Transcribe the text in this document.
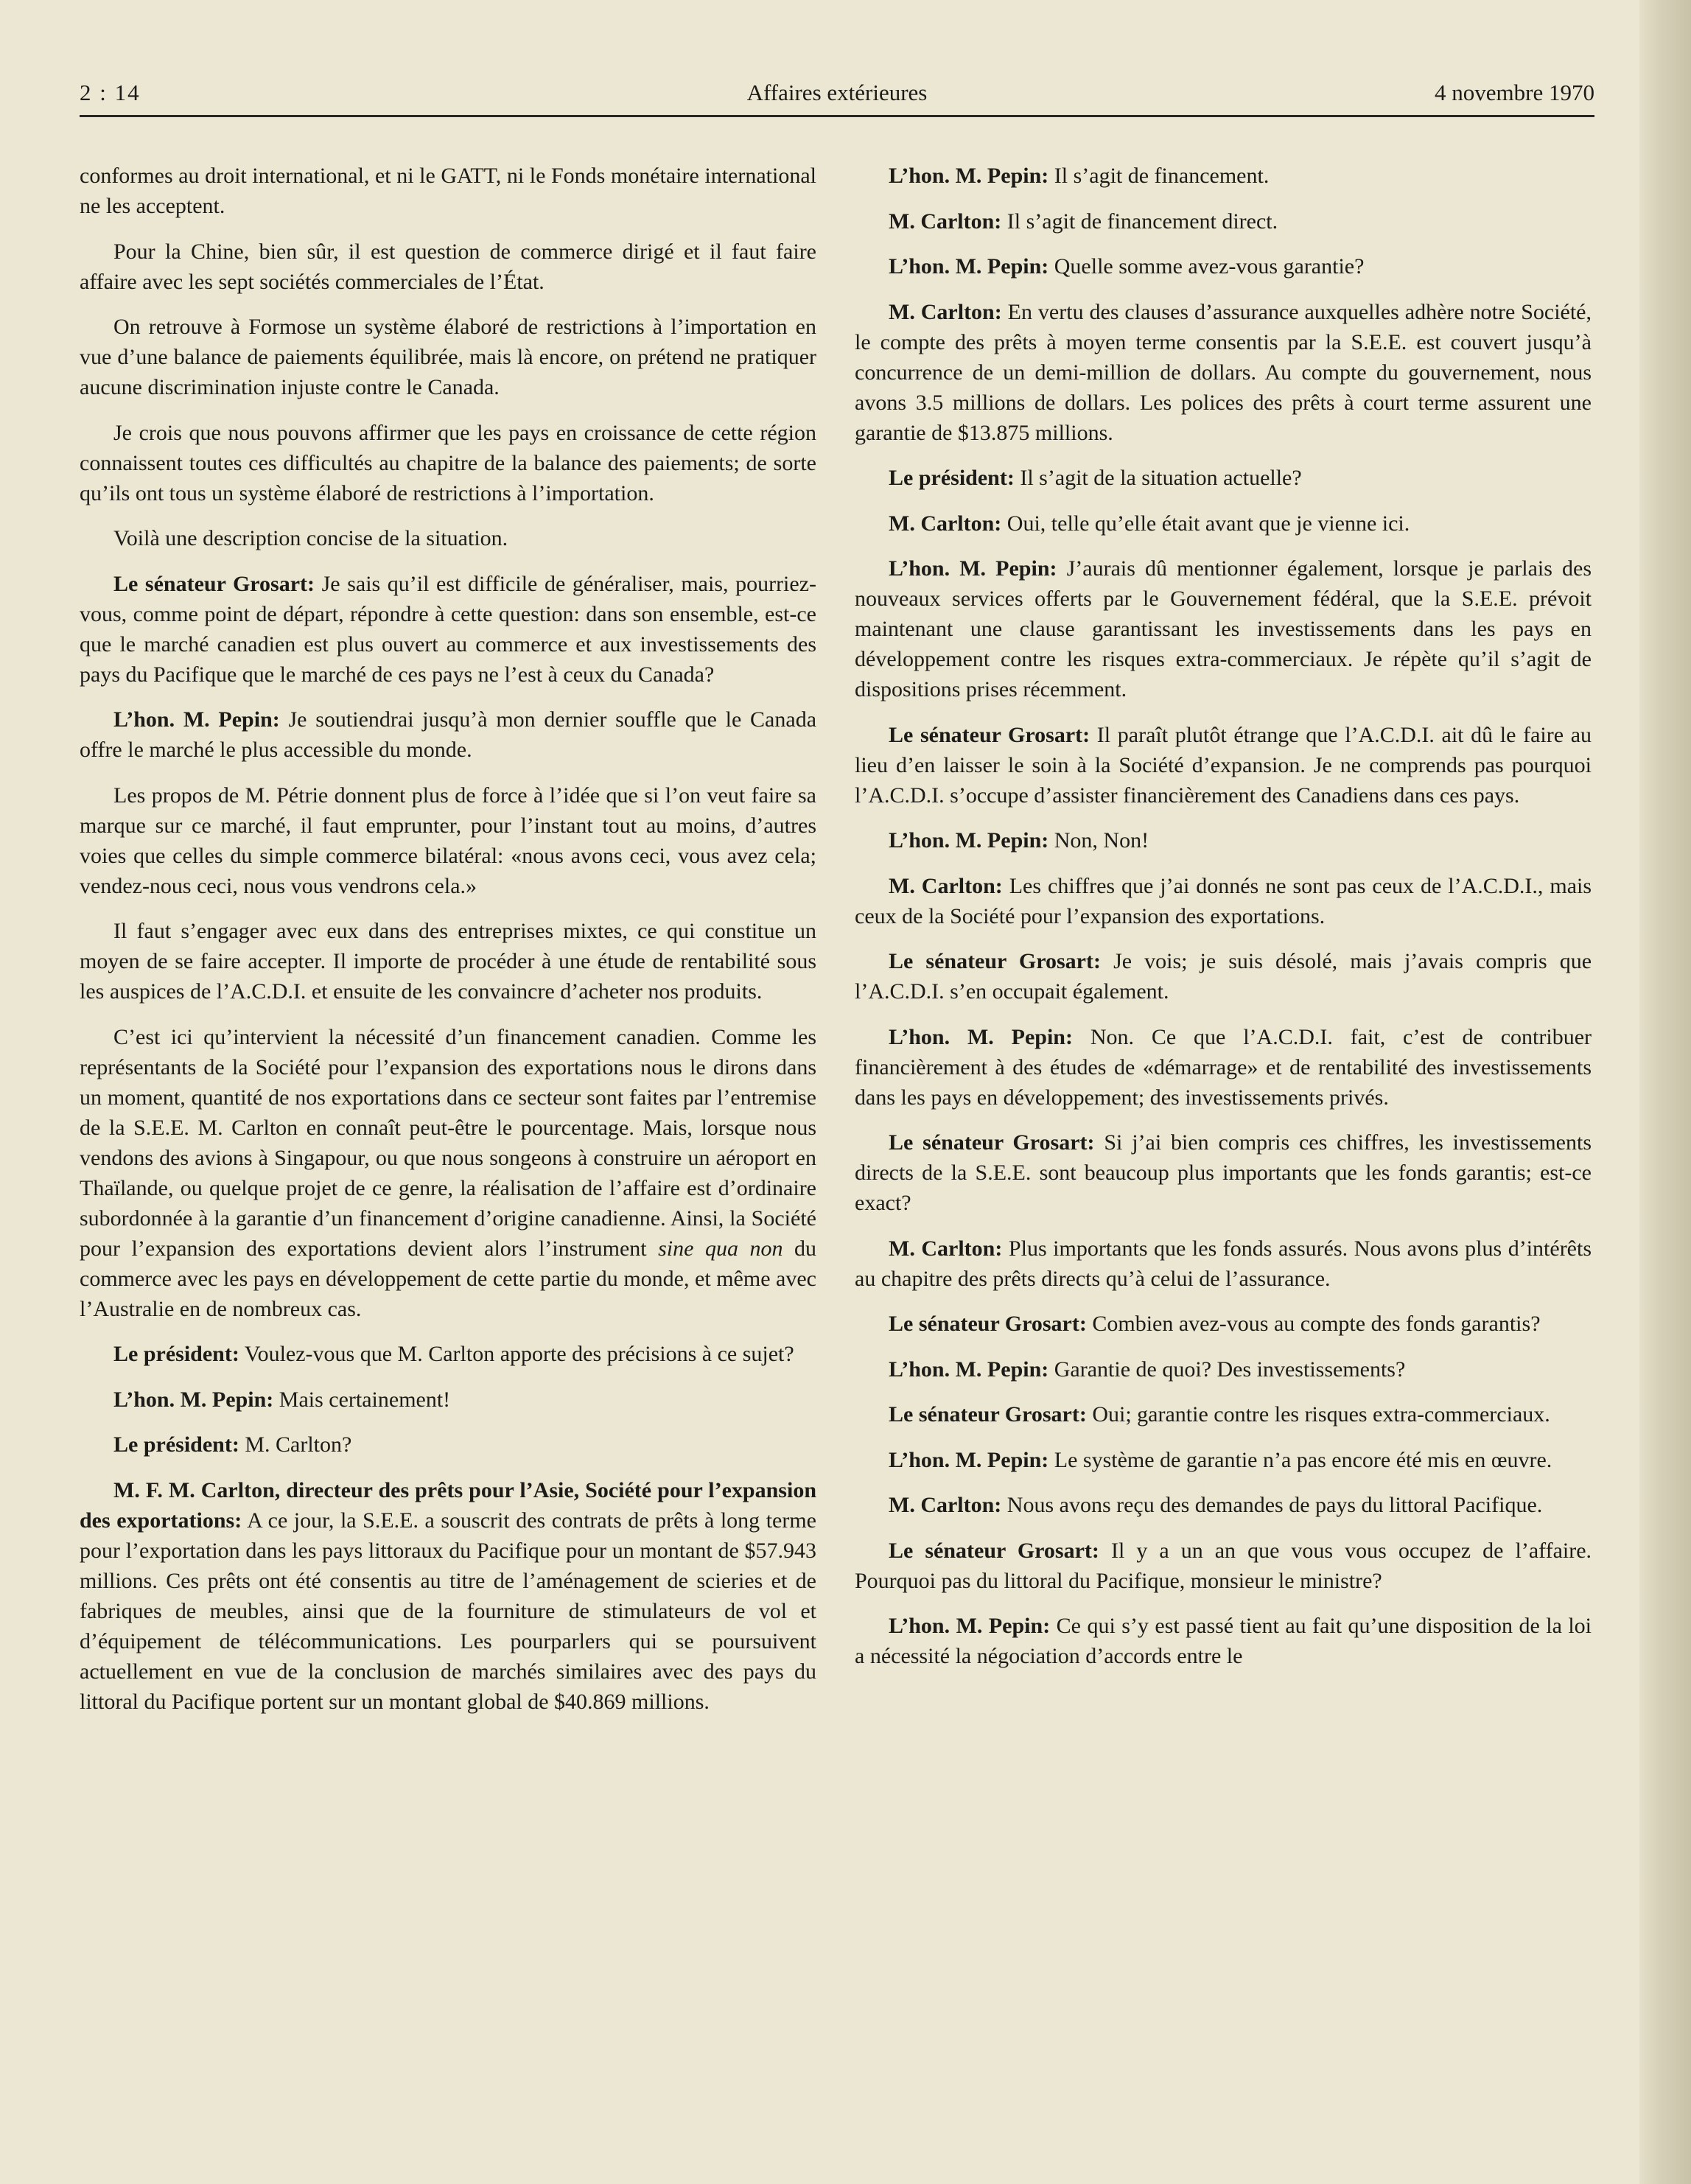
2 : 14	Affaires extérieures	4 novembre 1970

conformes au droit international, et ni le GATT, ni le Fonds monétaire international ne les acceptent.

Pour la Chine, bien sûr, il est question de commerce dirigé et il faut faire affaire avec les sept sociétés commerciales de l’État.

On retrouve à Formose un système élaboré de restrictions à l’importation en vue d’une balance de paiements équilibrée, mais là encore, on prétend ne pratiquer aucune discrimination injuste contre le Canada.

Je crois que nous pouvons affirmer que les pays en croissance de cette région connaissent toutes ces difficultés au chapitre de la balance des paiements; de sorte qu’ils ont tous un système élaboré de restrictions à l’importation.

Voilà une description concise de la situation.

Le sénateur Grosart: Je sais qu’il est difficile de généraliser, mais, pourriez-vous, comme point de départ, répondre à cette question: dans son ensemble, est-ce que le marché canadien est plus ouvert au commerce et aux investissements des pays du Pacifique que le marché de ces pays ne l’est à ceux du Canada?

L’hon. M. Pepin: Je soutiendrai jusqu’à mon dernier souffle que le Canada offre le marché le plus accessible du monde.

Les propos de M. Pétrie donnent plus de force à l’idée que si l’on veut faire sa marque sur ce marché, il faut emprunter, pour l’instant tout au moins, d’autres voies que celles du simple commerce bilatéral: «nous avons ceci, vous avez cela; vendez-nous ceci, nous vous vendrons cela.»

Il faut s’engager avec eux dans des entreprises mixtes, ce qui constitue un moyen de se faire accepter. Il importe de procéder à une étude de rentabilité sous les auspices de l’A.C.D.I. et ensuite de les convaincre d’acheter nos produits.

C’est ici qu’intervient la nécessité d’un financement canadien. Comme les représentants de la Société pour l’expansion des exportations nous le dirons dans un moment, quantité de nos exportations dans ce secteur sont faites par l’entremise de la S.E.E. M. Carlton en connaît peut-être le pourcentage. Mais, lorsque nous vendons des avions à Singapour, ou que nous songeons à construire un aéroport en Thaïlande, ou quelque projet de ce genre, la réalisation de l’affaire est d’ordinaire subordonnée à la garantie d’un financement d’origine canadienne. Ainsi, la Société pour l’expansion des exportations devient alors l’instrument sine qua non du commerce avec les pays en développement de cette partie du monde, et même avec l’Australie en de nombreux cas.

Le président: Voulez-vous que M. Carlton apporte des précisions à ce sujet?

L’hon. M. Pepin: Mais certainement!

Le président: M. Carlton?

M. F. M. Carlton, directeur des prêts pour l’Asie, Société pour l’expansion des exportations: A ce jour, la S.E.E. a souscrit des contrats de prêts à long terme pour l’exportation dans les pays littoraux du Pacifique pour un montant de $57.943 millions. Ces prêts ont été consentis au titre de l’aménagement de scieries et de fabriques de meubles, ainsi que de la fourniture de stimulateurs de vol et d’équipement de télécommunications. Les pourparlers qui se poursuivent actuellement en vue de la conclusion de marchés similaires avec des pays du littoral du Pacifique portent sur un montant global de $40.869 millions.

L’hon. M. Pepin: Il s’agit de financement.

M. Carlton: Il s’agit de financement direct.

L’hon. M. Pepin: Quelle somme avez-vous garantie?

M. Carlton: En vertu des clauses d’assurance auxquelles adhère notre Société, le compte des prêts à moyen terme consentis par la S.E.E. est couvert jusqu’à concurrence de un demi-million de dollars. Au compte du gouvernement, nous avons 3.5 millions de dollars. Les polices des prêts à court terme assurent une garantie de $13.875 millions.

Le président: Il s’agit de la situation actuelle?

M. Carlton: Oui, telle qu’elle était avant que je vienne ici.

L’hon. M. Pepin: J’aurais dû mentionner également, lorsque je parlais des nouveaux services offerts par le Gouvernement fédéral, que la S.E.E. prévoit maintenant une clause garantissant les investissements dans les pays en développement contre les risques extra-commerciaux. Je répète qu’il s’agit de dispositions prises récemment.

Le sénateur Grosart: Il paraît plutôt étrange que l’A.C.D.I. ait dû le faire au lieu d’en laisser le soin à la Société d’expansion. Je ne comprends pas pourquoi l’A.C.D.I. s’occupe d’assister financièrement des Canadiens dans ces pays.

L’hon. M. Pepin: Non, Non!

M. Carlton: Les chiffres que j’ai donnés ne sont pas ceux de l’A.C.D.I., mais ceux de la Société pour l’expansion des exportations.

Le sénateur Grosart: Je vois; je suis désolé, mais j’avais compris que l’A.C.D.I. s’en occupait également.

L’hon. M. Pepin: Non. Ce que l’A.C.D.I. fait, c’est de contribuer financièrement à des études de «démarrage» et de rentabilité des investissements dans les pays en développement; des investissements privés.

Le sénateur Grosart: Si j’ai bien compris ces chiffres, les investissements directs de la S.E.E. sont beaucoup plus importants que les fonds garantis; est-ce exact?

M. Carlton: Plus importants que les fonds assurés. Nous avons plus d’intérêts au chapitre des prêts directs qu’à celui de l’assurance.

Le sénateur Grosart: Combien avez-vous au compte des fonds garantis?

L’hon. M. Pepin: Garantie de quoi? Des investissements?

Le sénateur Grosart: Oui; garantie contre les risques extra-commerciaux.

L’hon. M. Pepin: Le système de garantie n’a pas encore été mis en œuvre.

M. Carlton: Nous avons reçu des demandes de pays du littoral Pacifique.

Le sénateur Grosart: Il y a un an que vous vous occupez de l’affaire. Pourquoi pas du littoral du Pacifique, monsieur le ministre?

L’hon. M. Pepin: Ce qui s’y est passé tient au fait qu’une disposition de la loi a nécessité la négociation d’accords entre le
